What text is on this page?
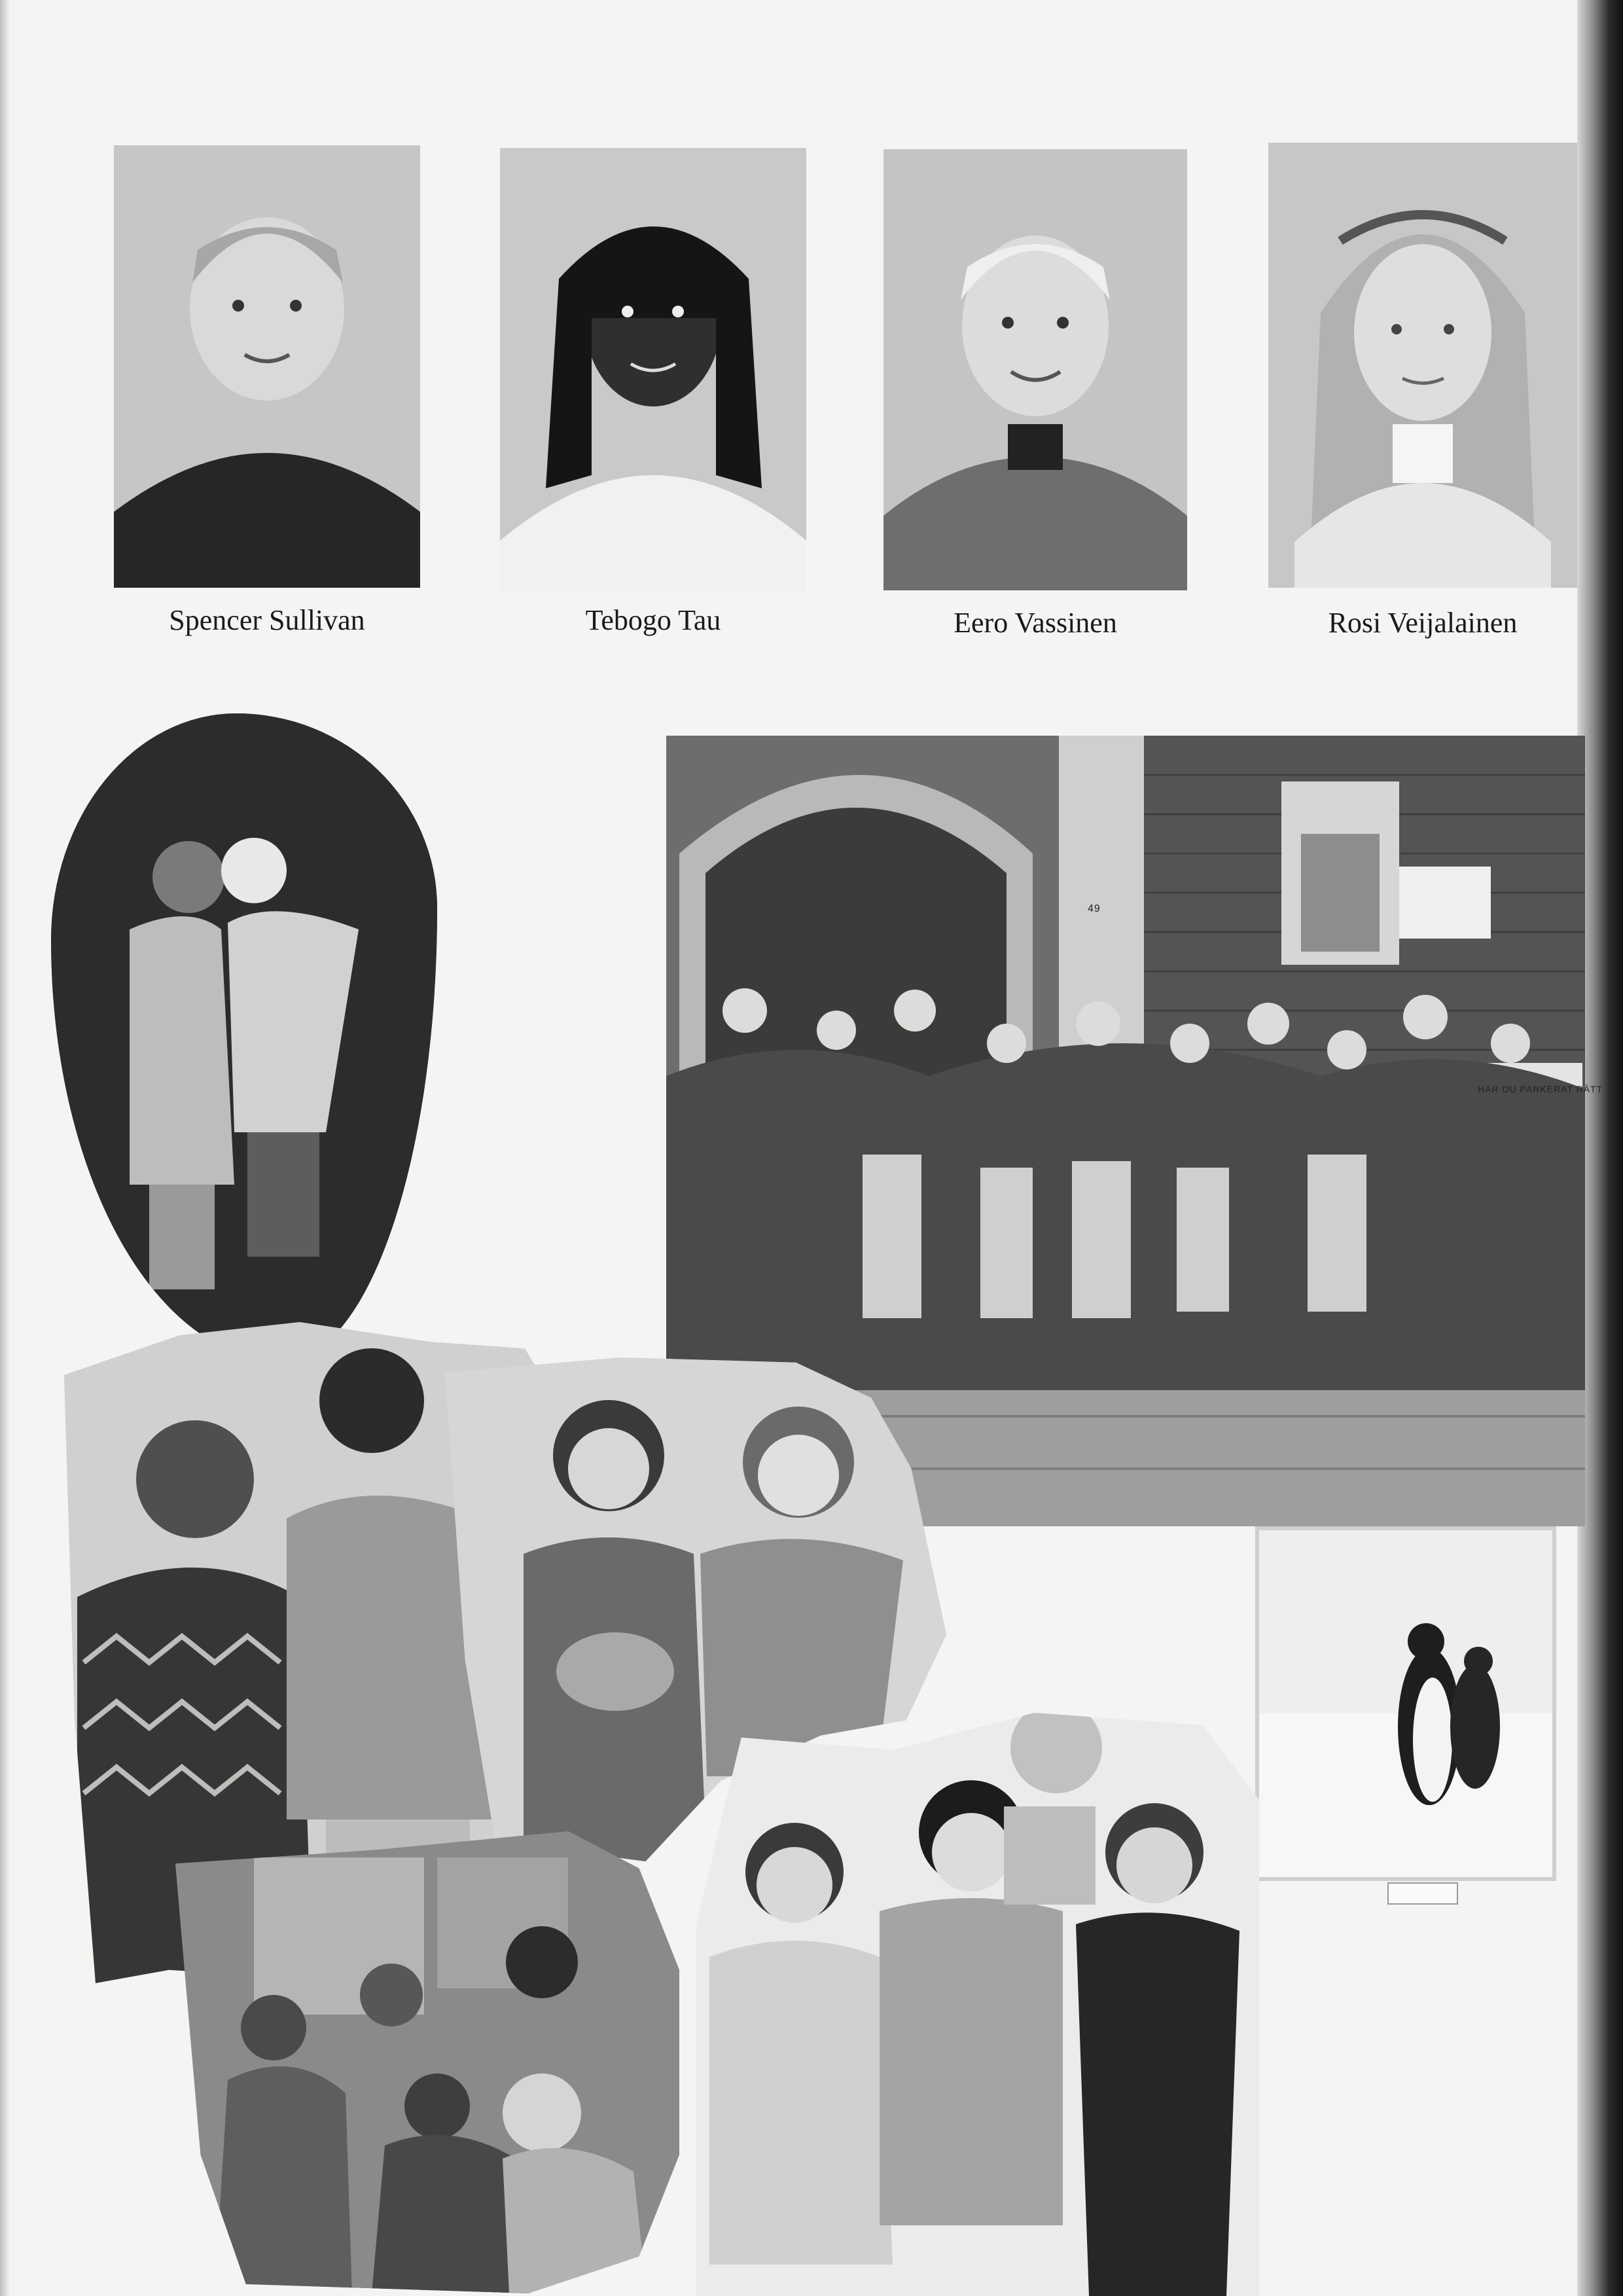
Spencer Sullivan	Tebogo Tau	Eero Vassinen	Rosi Veijalainen
49
HAR DU PARKERAT RÄTT
